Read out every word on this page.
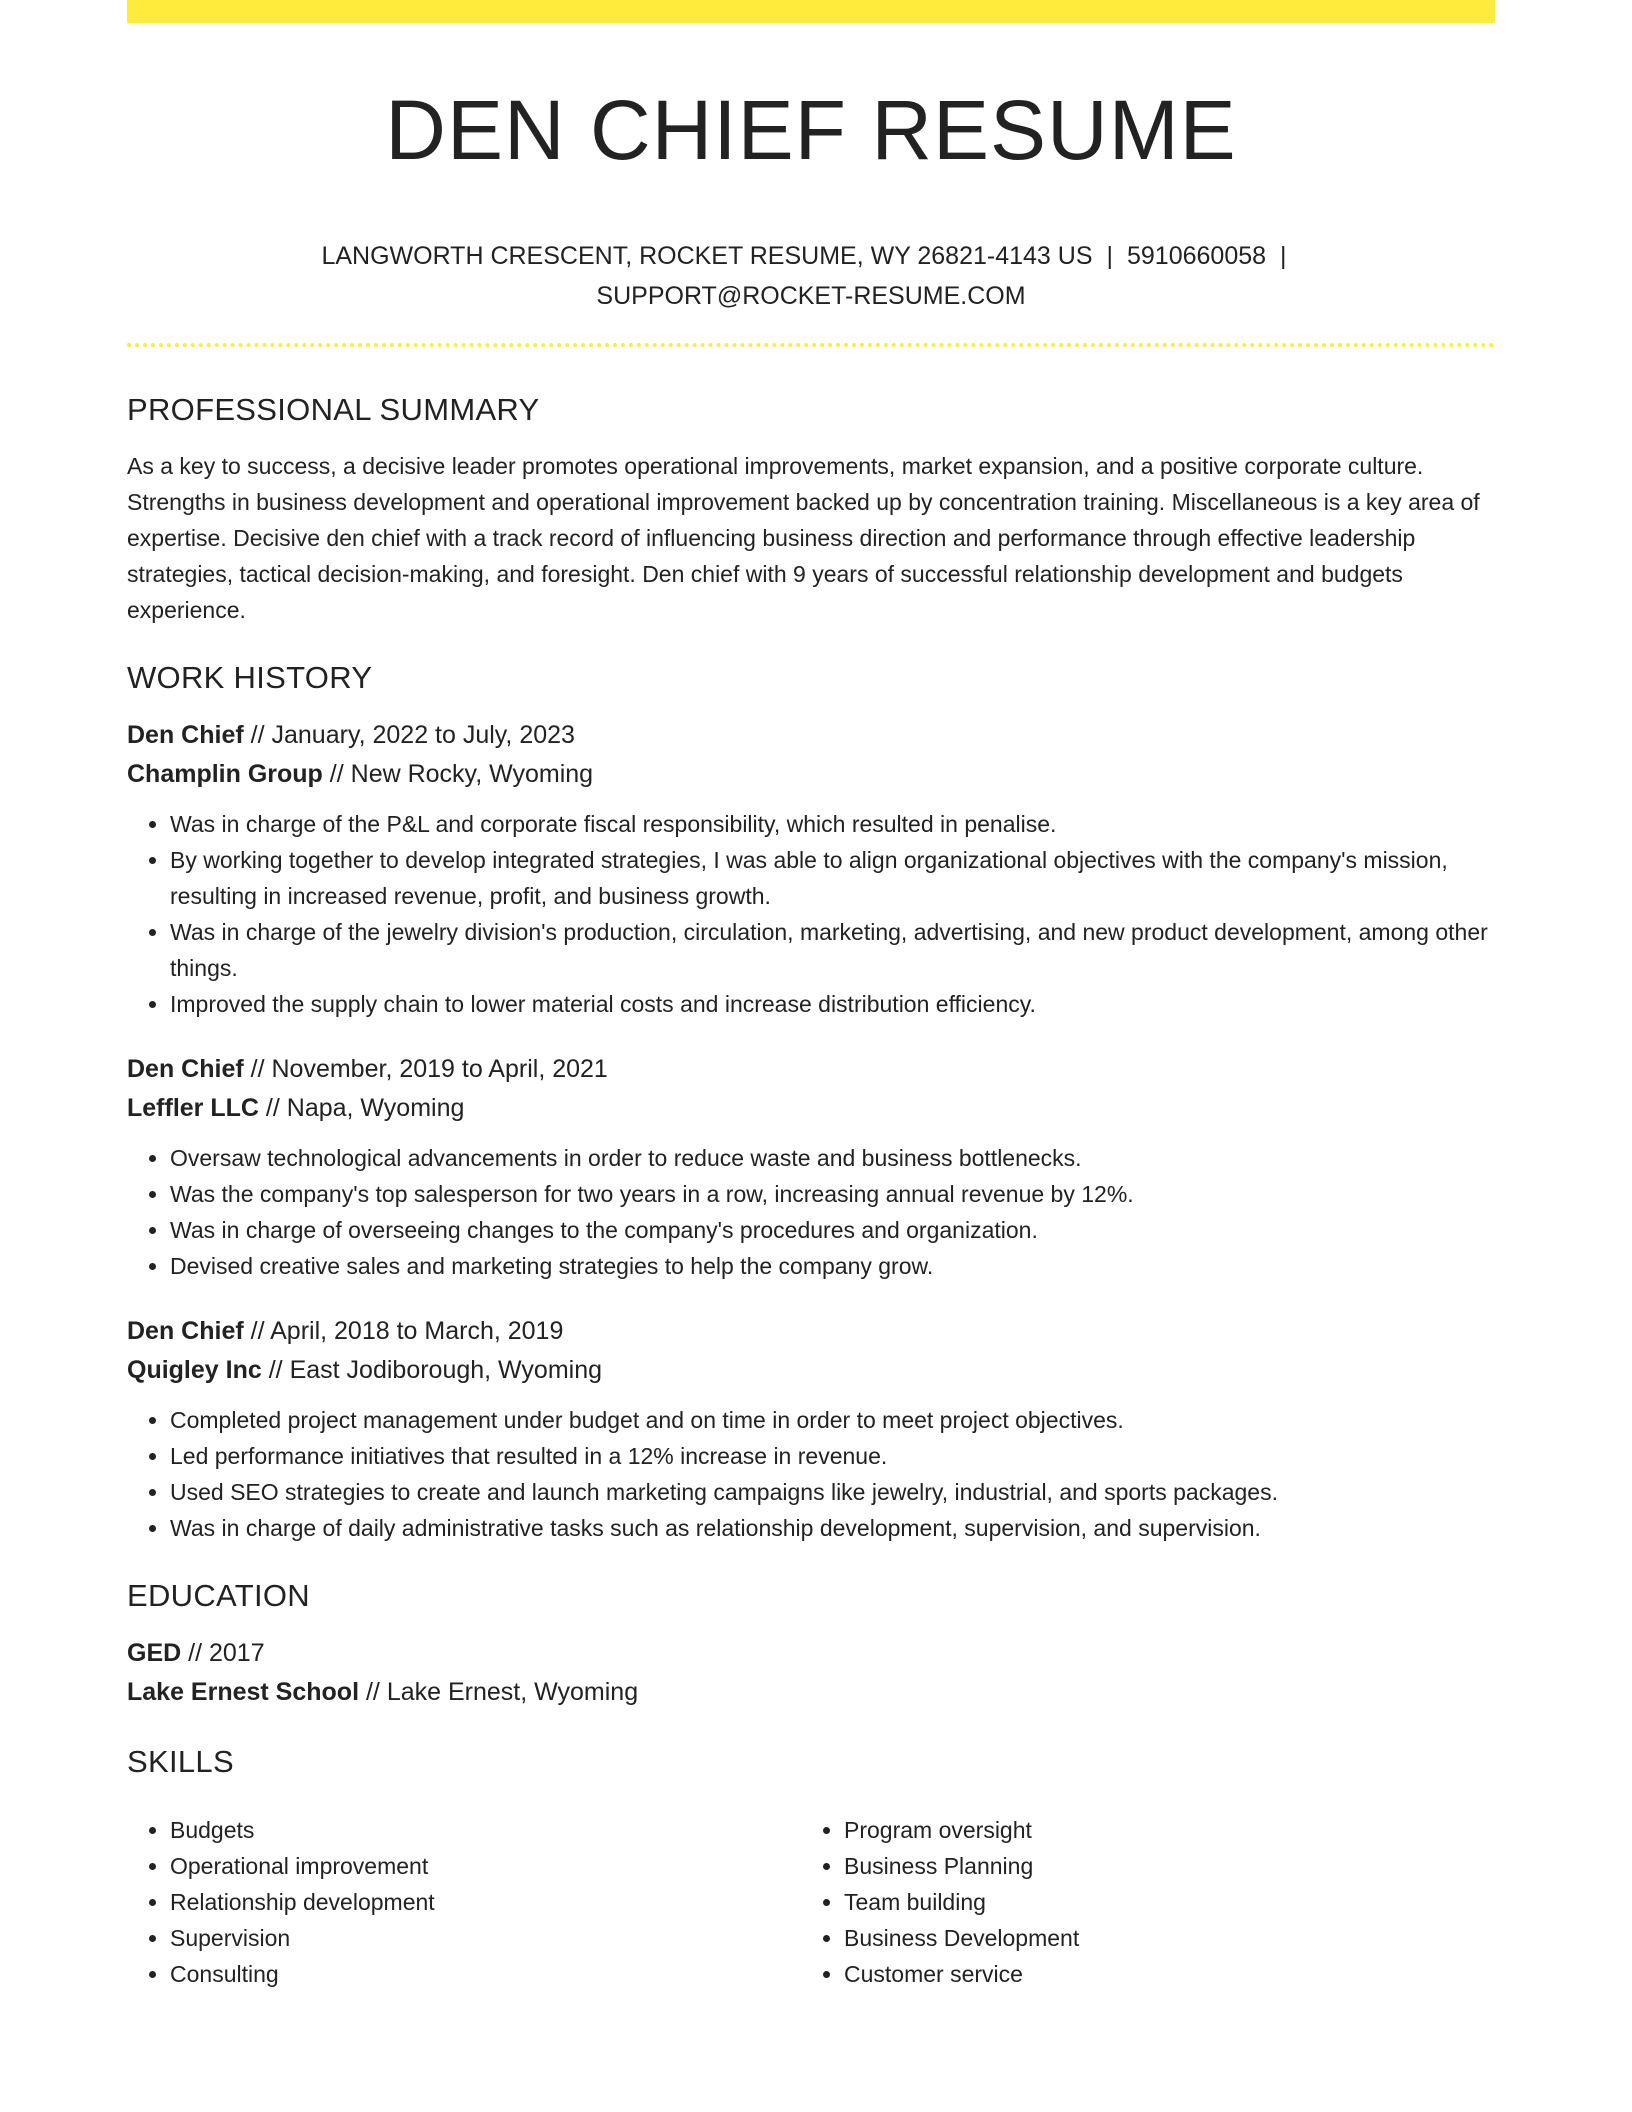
DEN CHIEF RESUME
LANGWORTH CRESCENT, ROCKET RESUME, WY 26821-4143 US | 5910660058 |
SUPPORT@ROCKET-RESUME.COM
PROFESSIONAL SUMMARY

As a key to success, a decisive leader promotes operational improvements, market expansion, and a positive corporate culture. Strengths in business development and operational improvement backed up by concentration training. Miscellaneous is a key area of expertise. Decisive den chief with a track record of influencing business direction and performance through effective leadership strategies, tactical decision-making, and foresight. Den chief with 9 years of successful relationship development and budgets experience.

WORK HISTORY
Den Chief // January, 2022 to July, 2023
Champlin Group // New Rocky, Wyoming
• Was in charge of the P&L and corporate fiscal responsibility, which resulted in penalise.
• By working together to develop integrated strategies, I was able to align organizational objectives with the company's mission, resulting in increased revenue, profit, and business growth.
• Was in charge of the jewelry division's production, circulation, marketing, advertising, and new product development, among other things.
• Improved the supply chain to lower material costs and increase distribution efficiency.
Den Chief // November, 2019 to April, 2021
Leffler LLC // Napa, Wyoming
• Oversaw technological advancements in order to reduce waste and business bottlenecks.
• Was the company's top salesperson for two years in a row, increasing annual revenue by 12%.
• Was in charge of overseeing changes to the company's procedures and organization.
• Devised creative sales and marketing strategies to help the company grow.
Den Chief // April, 2018 to March, 2019
Quigley Inc // East Jodiborough, Wyoming
• Completed project management under budget and on time in order to meet project objectives.
• Led performance initiatives that resulted in a 12% increase in revenue.
• Used SEO strategies to create and launch marketing campaigns like jewelry, industrial, and sports packages.
• Was in charge of daily administrative tasks such as relationship development, supervision, and supervision.
EDUCATION
GED // 2017
Lake Ernest School // Lake Ernest, Wyoming
SKILLS
• Budgets
• Operational improvement
• Relationship development
• Supervision
• Consulting
• Program oversight
• Business Planning
• Team building
• Business Development
• Customer service
